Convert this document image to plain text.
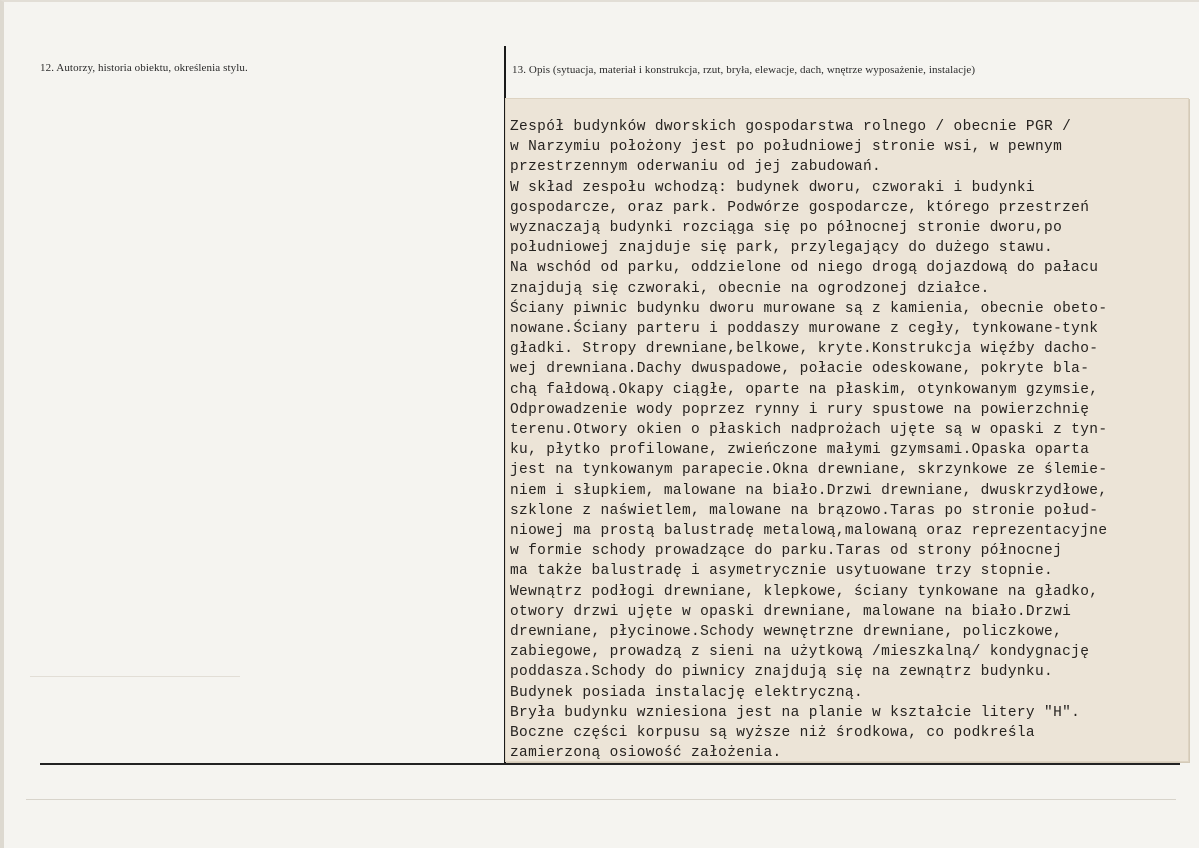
12. Autorzy, historia obiektu, określenia stylu.	13. Opis (sytuacja, materiał i konstrukcja, rzut, bryła, elewacje, dach, wnętrze wyposażenie, instalacje)
Zespół budynków dworskich gospodarstwa rolnego / obecnie PGR /
w Narzymiu położony jest po południowej stronie wsi, w pewnym
przestrzennym oderwaniu od jej zabudowań.
W skład zespołu wchodzą: budynek dworu, czworaki i budynki
gospodarcze, oraz park. Podwórze gospodarcze, którego przestrzeń
wyznaczają budynki rozciąga się po północnej stronie dworu,po
południowej znajduje się park, przylegający do dużego stawu.
Na wschód od parku, oddzielone od niego drogą dojazdową do pałacu
znajdują się czworaki, obecnie na ogrodzonej działce.
Ściany piwnic budynku dworu murowane są z kamienia, obecnie obeto-
nowane.Ściany parteru i poddaszy murowane z cegły, tynkowane-tynk
gładki. Stropy drewniane,belkowe, kryte.Konstrukcja więźby dacho-
wej drewniana.Dachy dwuspadowe, połacie odeskowane, pokryte bla-
chą fałdową.Okapy ciągłe, oparte na płaskim, otynkowanym gzymsie,
Odprowadzenie wody poprzez rynny i rury spustowe na powierzchnię
terenu.Otwory okien o płaskich nadprożach ujęte są w opaski z tyn-
ku, płytko profilowane, zwieńczone małymi gzymsami.Opaska oparta
jest na tynkowanym parapecie.Okna drewniane, skrzynkowe ze ślemie-
niem i słupkiem, malowane na biało.Drzwi drewniane, dwuskrzydłowe,
szklone z naświetlem, malowane na brązowo.Taras po stronie połud-
niowej ma prostą balustradę metalową,malowaną oraz reprezentacyjne
w formie schody prowadzące do parku.Taras od strony północnej
ma także balustradę i asymetrycznie usytuowane trzy stopnie.
Wewnątrz podłogi drewniane, klepkowe, ściany tynkowane na gładko,
otwory drzwi ujęte w opaski drewniane, malowane na biało.Drzwi
drewniane, płycinowe.Schody wewnętrzne drewniane, policzkowe,
zabiegowe, prowadzą z sieni na użytkową /mieszkalną/ kondygnację
poddasza.Schody do piwnicy znajdują się na zewnątrz budynku.
Budynek posiada instalację elektryczną.
Bryła budynku wzniesiona jest na planie w kształcie litery "H".
Boczne części korpusu są wyższe niż środkowa, co podkreśla
zamierzoną osiowość założenia.
